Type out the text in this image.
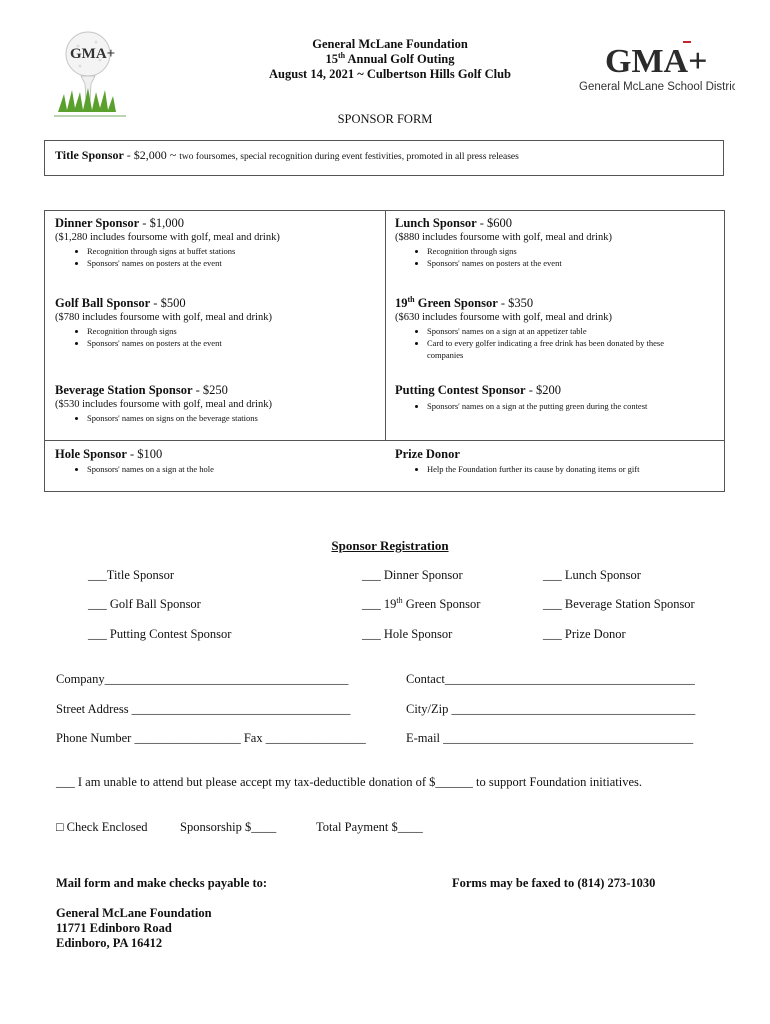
GMA+
General McLane Foundation
15th Annual Golf Outing
August 14, 2021 ~ Culbertson Hills Golf Club	GMA+
General McLane School District
SPONSOR FORM
Title Sponsor - $2,000 ~ two foursomes, special recognition during event festivities, promoted in all press releases
Dinner Sponsor - $1,000
($1,280 includes foursome with golf, meal and drink)
• Recognition through signs at buffet stations
• Sponsors' names on posters at the event
Lunch Sponsor - $600
($880 includes foursome with golf, meal and drink)
• Recognition through signs
• Sponsors' names on posters at the event
Golf Ball Sponsor - $500
($780 includes foursome with golf, meal and drink)
• Recognition through signs
• Sponsors' names on posters at the event
19th Green Sponsor - $350
($630 includes foursome with golf, meal and drink)
• Sponsors' names on a sign at an appetizer table
• Card to every golfer indicating a free drink has been donated by these companies
Beverage Station Sponsor - $250
($530 includes foursome with golf, meal and drink)
• Sponsors' names on signs on the beverage stations
Putting Contest Sponsor - $200
• Sponsors' names on a sign at the putting green during the contest
Hole Sponsor - $100
• Sponsors' names on a sign at the hole
Prize Donor
• Help the Foundation further its cause by donating items or gift
Sponsor Registration
___Title Sponsor	___ Dinner Sponsor	___ Lunch Sponsor
___ Golf Ball Sponsor	___ 19th Green Sponsor	___ Beverage Station Sponsor
___ Putting Contest Sponsor	___ Hole Sponsor	___ Prize Donor
Company_______________________________________	Contact________________________________________
Street Address ___________________________________	City/Zip _______________________________________
Phone Number _________________ Fax ________________	E-mail ________________________________________
___ I am unable to attend but please accept my tax-deductible donation of $______ to support Foundation initiatives.
□ Check Enclosed	Sponsorship $____	Total Payment $____
Mail form and make checks payable to:	Forms may be faxed to (814) 273-1030
General McLane Foundation
11771 Edinboro Road
Edinboro, PA 16412
